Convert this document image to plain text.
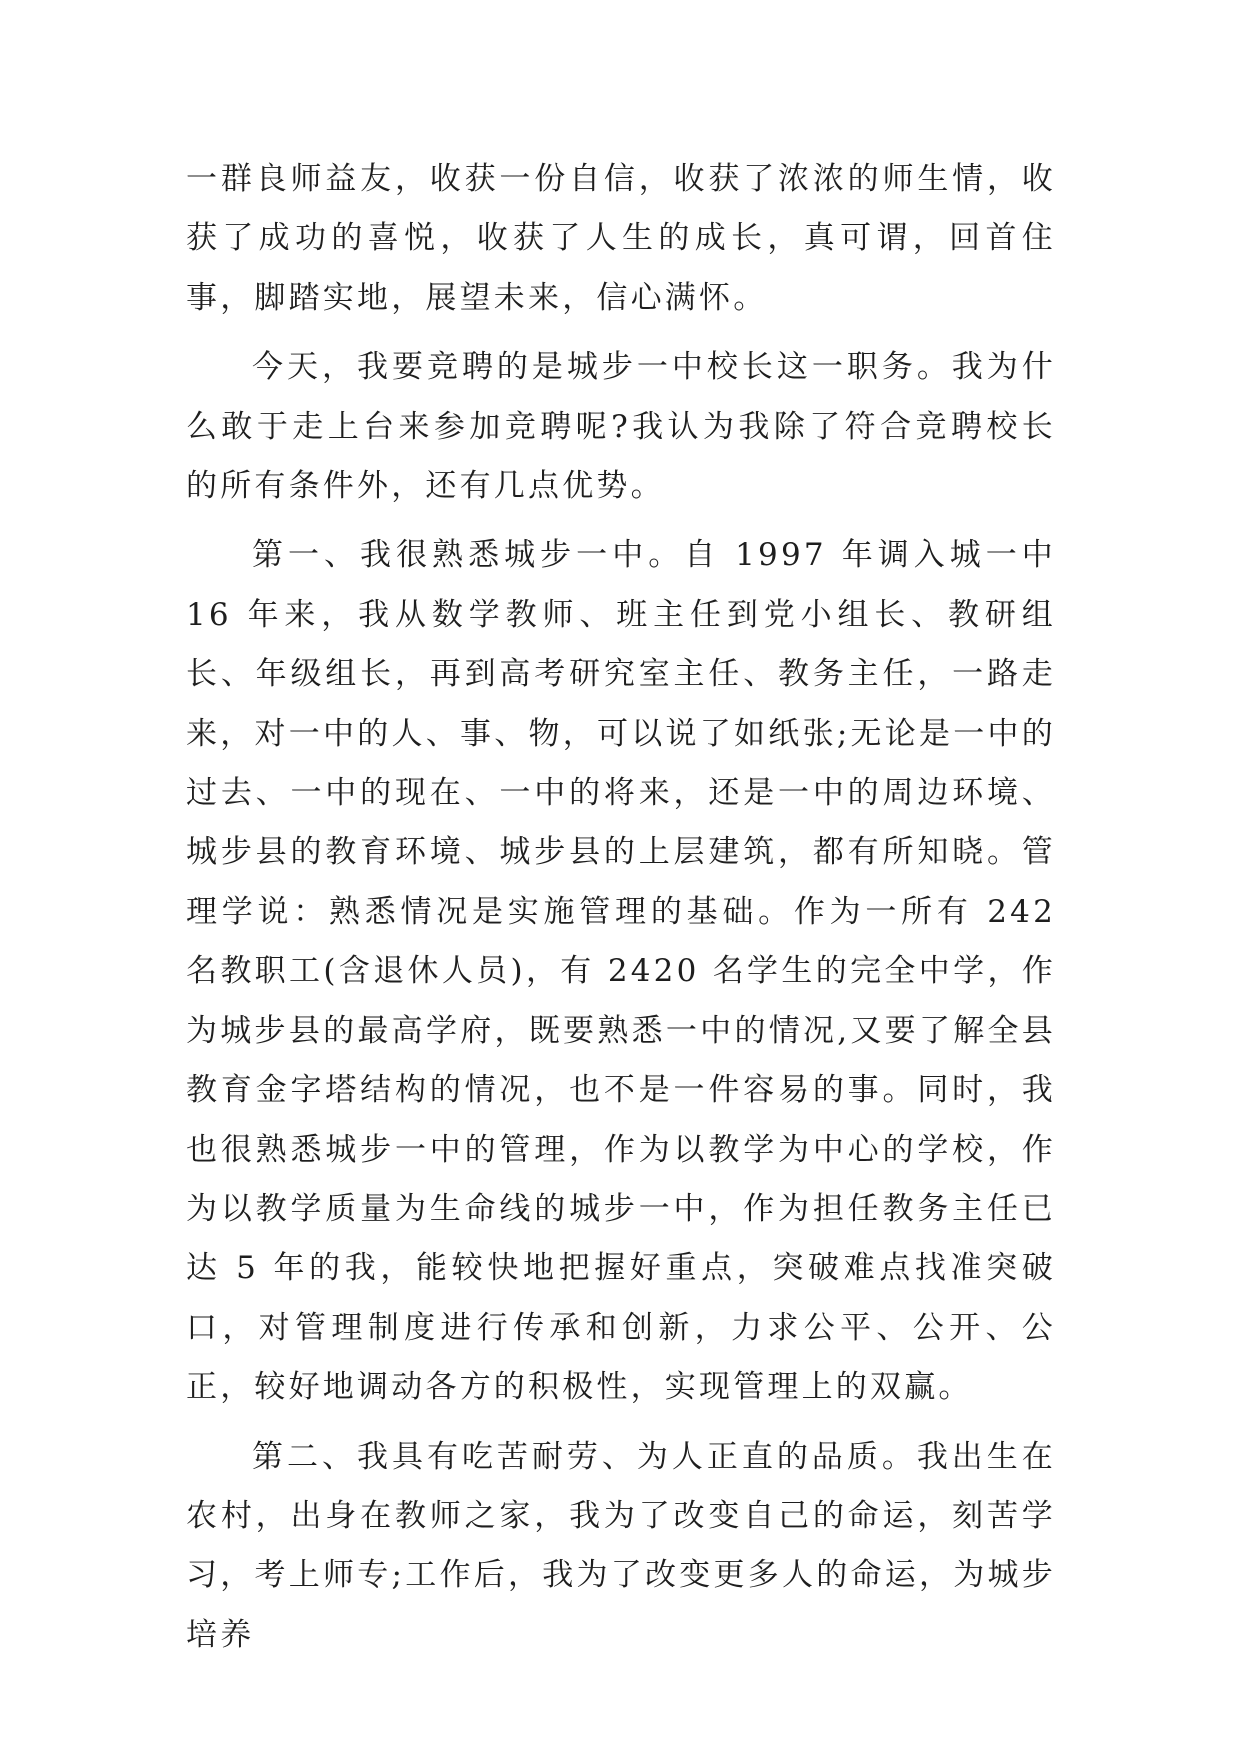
一群良师益友，收获一份自信，收获了浓浓的师生情，收获了成功的喜悦，收获了人生的成长，真可谓，回首住事，脚踏实地，展望未来，信心满怀。

今天，我要竞聘的是城步一中校长这一职务。我为什么敢于走上台来参加竞聘呢?我认为我除了符合竞聘校长的所有条件外，还有几点优势。

第一、我很熟悉城步一中。自 1997 年调入城一中 16 年来，我从数学教师、班主任到党小组长、教研组长、年级组长，再到高考研究室主任、教务主任，一路走来，对一中的人、事、物，可以说了如纸张;无论是一中的过去、一中的现在、一中的将来，还是一中的周边环境、城步县的教育环境、城步县的上层建筑，都有所知晓。管理学说：熟悉情况是实施管理的基础。作为一所有 242 名教职工(含退休人员)，有 2420 名学生的完全中学，作为城步县的最高学府，既要熟悉一中的情况,又要了解全县教育金字塔结构的情况，也不是一件容易的事。同时，我也很熟悉城步一中的管理，作为以教学为中心的学校，作为以教学质量为生命线的城步一中，作为担任教务主任已达 5 年的我，能较快地把握好重点，突破难点找准突破口，对管理制度进行传承和创新，力求公平、公开、公正，较好地调动各方的积极性，实现管理上的双赢。

第二、我具有吃苦耐劳、为人正直的品质。我出生在农村，出身在教师之家，我为了改变自己的命运，刻苦学习，考上师专;工作后，我为了改变更多人的命运，为城步培养
